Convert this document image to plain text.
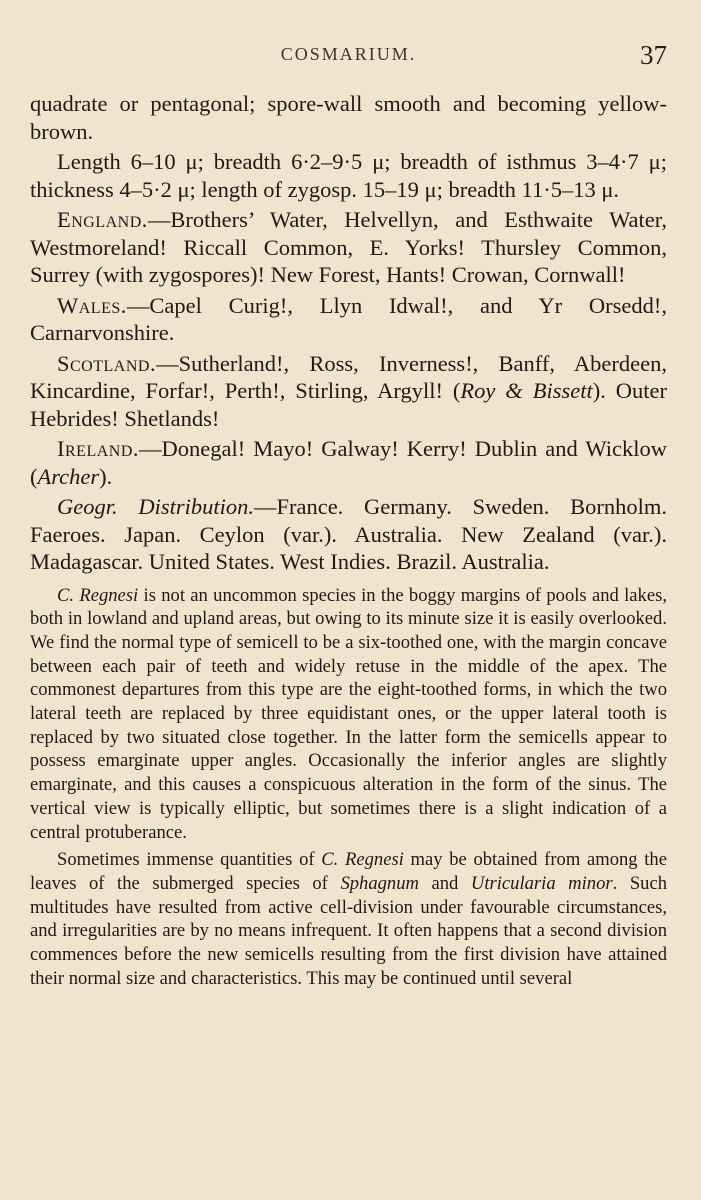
COSMARIUM.	37

quadrate or pentagonal; spore-wall smooth and becoming yellow-brown.

Length 6–10 μ; breadth 6·2–9·5 μ; breadth of isthmus 3–4·7 μ; thickness 4–5·2 μ; length of zygosp. 15–19 μ; breadth 11·5–13 μ.

England.—Brothers’ Water, Helvellyn, and Esthwaite Water, Westmoreland! Riccall Common, E. Yorks! Thursley Common, Surrey (with zygospores)! New Forest, Hants! Crowan, Cornwall!

Wales.—Capel Curig!, Llyn Idwal!, and Yr Orsedd!, Carnarvonshire.

Scotland.—Sutherland!, Ross, Inverness!, Banff, Aberdeen, Kincardine, Forfar!, Perth!, Stirling, Argyll! (Roy & Bissett). Outer Hebrides! Shetlands!

Ireland.—Donegal! Mayo! Galway! Kerry! Dublin and Wicklow (Archer).

Geogr. Distribution.—France. Germany. Sweden. Bornholm. Faeroes. Japan. Ceylon (var.). Australia. New Zealand (var.). Madagascar. United States. West Indies. Brazil. Australia.

C. Regnesi is not an uncommon species in the boggy margins of pools and lakes, both in lowland and upland areas, but owing to its minute size it is easily overlooked. We find the normal type of semicell to be a six-toothed one, with the margin concave between each pair of teeth and widely retuse in the middle of the apex. The commonest departures from this type are the eight-toothed forms, in which the two lateral teeth are replaced by three equidistant ones, or the upper lateral tooth is replaced by two situated close together. In the latter form the semicells appear to possess emarginate upper angles. Occasionally the inferior angles are slightly emarginate, and this causes a conspicuous alteration in the form of the sinus. The vertical view is typically elliptic, but sometimes there is a slight indication of a central protuberance.

Sometimes immense quantities of C. Regnesi may be obtained from among the leaves of the submerged species of Sphagnum and Utricularia minor. Such multitudes have resulted from active cell-division under favourable circumstances, and irregularities are by no means infrequent. It often happens that a second division commences before the new semicells resulting from the first division have attained their normal size and characteristics. This may be continued until several
